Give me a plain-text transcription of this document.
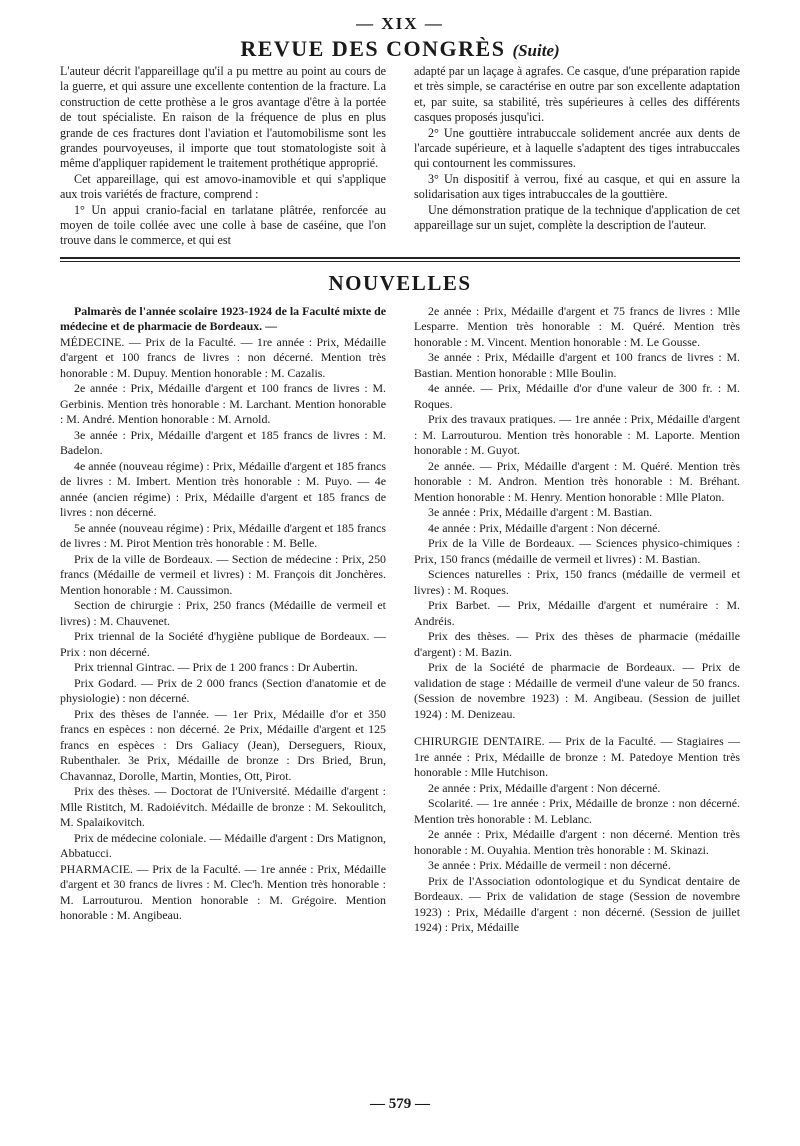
— XIX —
REVUE DES CONGRÈS (Suite)

L'auteur décrit l'appareillage qu'il a pu mettre au point au cours de la guerre, et qui assure une excellente contention de la fracture. La construction de cette prothèse a le gros avantage d'être à la portée de tout spécialiste. En raison de la fréquence de plus en plus grande de ces fractures dont l'aviation et l'automobilisme sont les grandes pourvoyeuses, il importe que tout stomatologiste soit à même d'appliquer rapidement le traitement prothétique approprié.

Cet appareillage, qui est amovo-inamovible et qui s'applique aux trois variétés de fracture, comprend :

1° Un appui cranio-facial en tarlatane plâtrée, renforcée au moyen de toile collée avec une colle à base de caséine, que l'on trouve dans le commerce, et qui est

adapté par un laçage à agrafes. Ce casque, d'une préparation rapide et très simple, se caractérise en outre par son excellente adaptation et, par suite, sa stabilité, très supérieures à celles des différents casques proposés jusqu'ici.

2° Une gouttière intrabuccale solidement ancrée aux dents de l'arcade supérieure, et à laquelle s'adaptent des tiges intrabuccales qui contournent les commissures.

3° Un dispositif à verrou, fixé au casque, et qui en assure la solidarisation aux tiges intrabuccales de la gouttière.

Une démonstration pratique de la technique d'application de cet appareillage sur un sujet, complète la description de l'auteur.

NOUVELLES

Palmarès de l'année scolaire 1923-1924 de la Faculté mixte de médecine et de pharmacie de Bordeaux. —

MÉDECINE. — Prix de la Faculté. — 1re année : Prix, Médaille d'argent et 100 francs de livres : non décerné. Mention très honorable : M. Dupuy. Mention honorable : M. Cazalis.

2e année : Prix, Médaille d'argent et 100 francs de livres : M. Gerbinis. Mention très honorable : M. Larchant. Mention honorable : M. André. Mention honorable : M. Arnold.

3e année : Prix, Médaille d'argent et 185 francs de livres : M. Badelon.

4e année (nouveau régime) : Prix, Médaille d'argent et 185 francs de livres : M. Imbert. Mention très honorable : M. Puyo. — 4e année (ancien régime) : Prix, Médaille d'argent et 185 francs de livres : non décerné.

5e année (nouveau régime) : Prix, Médaille d'argent et 185 francs de livres : M. Pirot Mention très honorable : M. Belle.

Prix de la ville de Bordeaux. — Section de médecine : Prix, 250 francs (Médaille de vermeil et livres) : M. François dit Jonchères. Mention honorable : M. Caussimon.

Section de chirurgie : Prix, 250 francs (Médaille de vermeil et livres) : M. Chauvenet.

Prix triennal de la Société d'hygiène publique de Bordeaux. — Prix : non décerné.

Prix triennal Gintrac. — Prix de 1 200 francs : Dr Aubertin.

Prix Godard. — Prix de 2 000 francs (Section d'anatomie et de physiologie) : non décerné.

Prix des thèses de l'année. — 1er Prix, Médaille d'or et 350 francs en espèces : non décerné. 2e Prix, Médaille d'argent et 125 francs en espèces : Drs Galiacy (Jean), Derseguers, Rioux, Rubenthaler. 3e Prix, Médaille de bronze : Drs Bried, Brun, Chavannaz, Dorolle, Martin, Monties, Ott, Pirot.

Prix des thèses. — Doctorat de l'Université. Médaille d'argent : Mlle Ristitch, M. Radoiévitch. Médaille de bronze : M. Sekoulitch, M. Spalaikovitch.

Prix de médecine coloniale. — Médaille d'argent : Drs Matignon, Abbatucci.

PHARMACIE. — Prix de la Faculté. — 1re année : Prix, Médaille d'argent et 30 francs de livres : M. Clec'h. Mention très honorable : M. Larrouturou. Mention honorable : M. Grégoire. Mention honorable : M. Angibeau.

2e année : Prix, Médaille d'argent et 75 francs de livres : Mlle Lesparre. Mention très honorable : M. Quéré. Mention très honorable : M. Vincent. Mention honorable : M. Le Gousse.

3e année : Prix, Médaille d'argent et 100 francs de livres : M. Bastian. Mention honorable : Mlle Boulin.

4e année. — Prix, Médaille d'or d'une valeur de 300 fr. : M. Roques.

Prix des travaux pratiques. — 1re année : Prix, Médaille d'argent : M. Larrouturou. Mention très honorable : M. Laporte. Mention honorable : M. Guyot.

2e année. — Prix, Médaille d'argent : M. Quéré. Mention très honorable : M. Andron. Mention très honorable : M. Bréhant. Mention honorable : M. Henry. Mention honorable : Mlle Platon.

3e année : Prix, Médaille d'argent : M. Bastian.

4e année : Prix, Médaille d'argent : Non décerné.

Prix de la Ville de Bordeaux. — Sciences physico-chimiques : Prix, 150 francs (médaille de vermeil et livres) : M. Bastian.

Sciences naturelles : Prix, 150 francs (médaille de vermeil et livres) : M. Roques.

Prix Barbet. — Prix, Médaille d'argent et numéraire : M. Andréis.

Prix des thèses. — Prix des thèses de pharmacie (médaille d'argent) : M. Bazin.

Prix de la Société de pharmacie de Bordeaux. — Prix de validation de stage : Médaille de vermeil d'une valeur de 50 francs. (Session de novembre 1923) : M. Angibeau. (Session de juillet 1924) : M. Denizeau.

CHIRURGIE DENTAIRE. — Prix de la Faculté. — Stagiaires — 1re année : Prix, Médaille de bronze : M. Patedoye Mention très honorable : Mlle Hutchison.

2e année : Prix, Médaille d'argent : Non décerné.

Scolarité. — 1re année : Prix, Médaille de bronze : non décerné. Mention très honorable : M. Leblanc.

2e année : Prix, Médaille d'argent : non décerné. Mention très honorable : M. Ouyahia. Mention très honorable : M. Skinazi.

3e année : Prix. Médaille de vermeil : non décerné.

Prix de l'Association odontologique et du Syndicat dentaire de Bordeaux. — Prix de validation de stage (Session de novembre 1923) : Prix, Médaille d'argent : non décerné. (Session de juillet 1924) : Prix, Médaille

— 579 —
